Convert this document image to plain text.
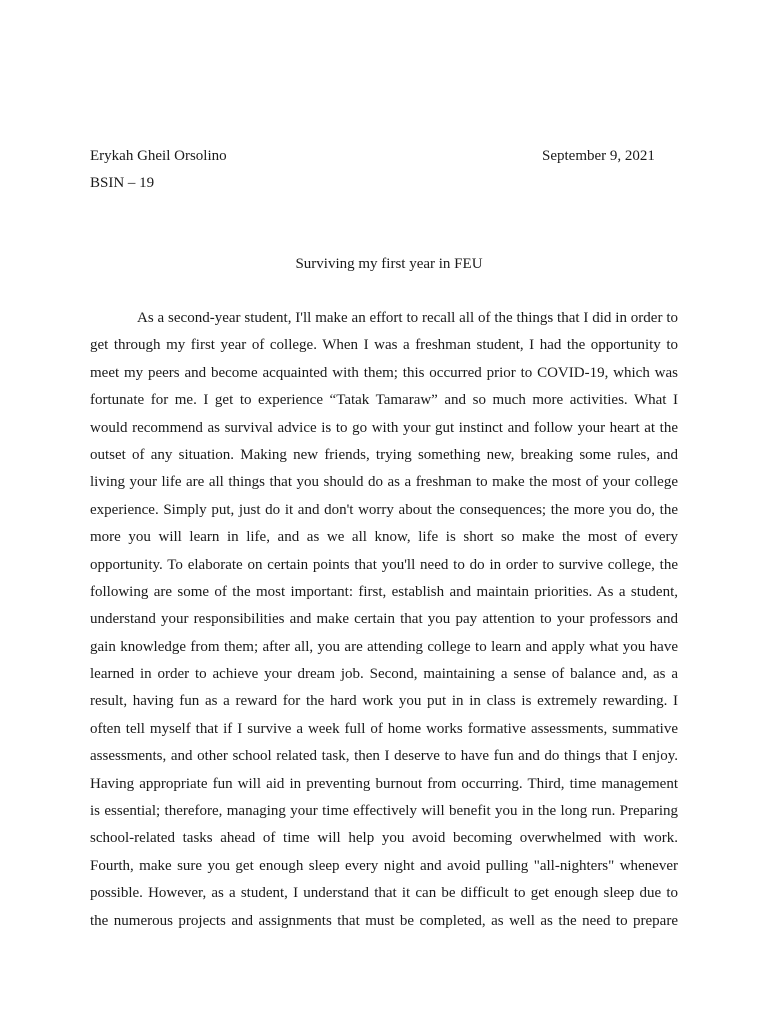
Erykah Gheil Orsolino	September 9, 2021
BSIN – 19
Surviving my first year in FEU
As a second-year student, I'll make an effort to recall all of the things that I did in order to
get through my first year of college. When I was a freshman student, I had the opportunity to
meet my peers and become acquainted with them; this occurred prior to COVID-19, which was
fortunate for me. I get to experience “Tatak Tamaraw” and so much more activities. What I
would recommend as survival advice is to go with your gut instinct and follow your heart at the
outset of any situation. Making new friends, trying something new, breaking some rules, and
living your life are all things that you should do as a freshman to make the most of your college
experience. Simply put, just do it and don't worry about the consequences; the more you do, the
more you will learn in life, and as we all know, life is short so make the most of every
opportunity. To elaborate on certain points that you'll need to do in order to survive college, the
following are some of the most important: first, establish and maintain priorities. As a student,
understand your responsibilities and make certain that you pay attention to your professors and
gain knowledge from them; after all, you are attending college to learn and apply what you have
learned in order to achieve your dream job. Second, maintaining a sense of balance and, as a
result, having fun as a reward for the hard work you put in in class is extremely rewarding. I
often tell myself that if I survive a week full of home works formative assessments, summative
assessments, and other school related task, then I deserve to have fun and do things that I enjoy.
Having appropriate fun will aid in preventing burnout from occurring. Third, time management
is essential; therefore, managing your time effectively will benefit you in the long run. Preparing
school-related tasks ahead of time will help you avoid becoming overwhelmed with work.
Fourth, make sure you get enough sleep every night and avoid pulling "all-nighters" whenever
possible. However, as a student, I understand that it can be difficult to get enough sleep due to
the numerous projects and assignments that must be completed, as well as the need to prepare
